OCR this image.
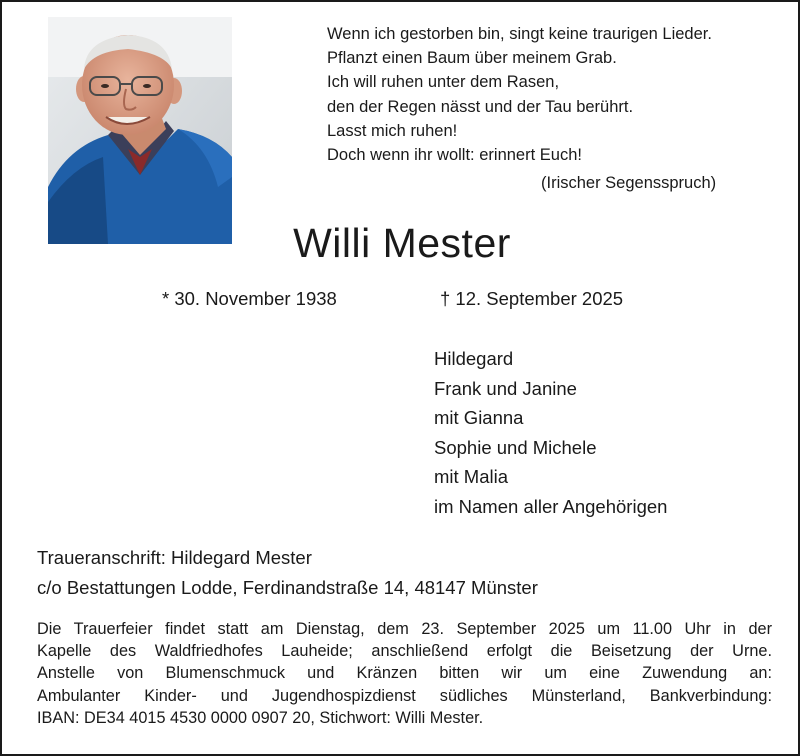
Wenn ich gestorben bin, singt keine traurigen Lieder.
Pflanzt einen Baum über meinem Grab.
Ich will ruhen unter dem Rasen,
den der Regen nässt und der Tau berührt.
Lasst mich ruhen!
Doch wenn ihr wollt: erinnert Euch!
(Irischer Segensspruch)
Willi Mester
* 30. November 1938	† 12. September 2025
Hildegard
Frank und Janine
mit Gianna
Sophie und Michele
mit Malia
im Namen aller Angehörigen
Traueranschrift: Hildegard Mester
c/o Bestattungen Lodde, Ferdinandstraße 14, 48147 Münster
Die Trauerfeier findet statt am Dienstag, dem 23. September 2025 um 11.00 Uhr in der
Kapelle des Waldfriedhofes Lauheide; anschließend erfolgt die Beisetzung der Urne.
Anstelle von Blumenschmuck und Kränzen bitten wir um eine Zuwendung an:
Ambulanter Kinder- und Jugendhospizdienst südliches Münsterland, Bankverbindung:
IBAN: DE34 4015 4530 0000 0907 20, Stichwort: Willi Mester.
